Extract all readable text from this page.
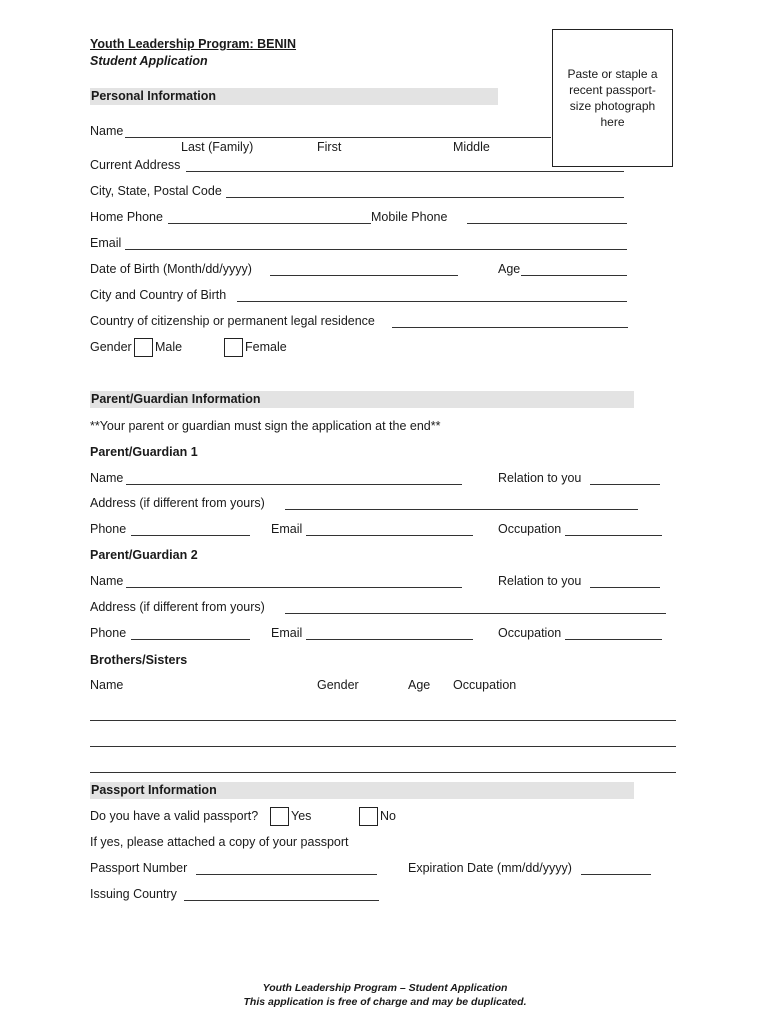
Youth Leadership Program: BENIN
Student Application
Paste or staple a recent passport-size photograph here
Personal Information
Name
Last (Family)	First	Middle
Current Address
City, State, Postal Code
Home Phone	Mobile Phone
Email
Date of Birth (Month/dd/yyyy)	Age
City and Country of Birth
Country of citizenship or permanent legal residence
Gender Male	Female
Parent/Guardian Information
**Your parent or guardian must sign the application at the end**
Parent/Guardian 1
Name	Relation to you
Address (if different from yours)
Phone	Email	Occupation
Parent/Guardian 2
Name	Relation to you
Address (if different from yours)
Phone	Email	Occupation
Brothers/Sisters
Name	Gender	Age Occupation
Passport Information
Do you have a valid passport?	Yes	No
If yes, please attached a copy of your passport
Passport Number	Expiration Date (mm/dd/yyyy)
Issuing Country
Youth Leadership Program – Student Application
This application is free of charge and may be duplicated.
